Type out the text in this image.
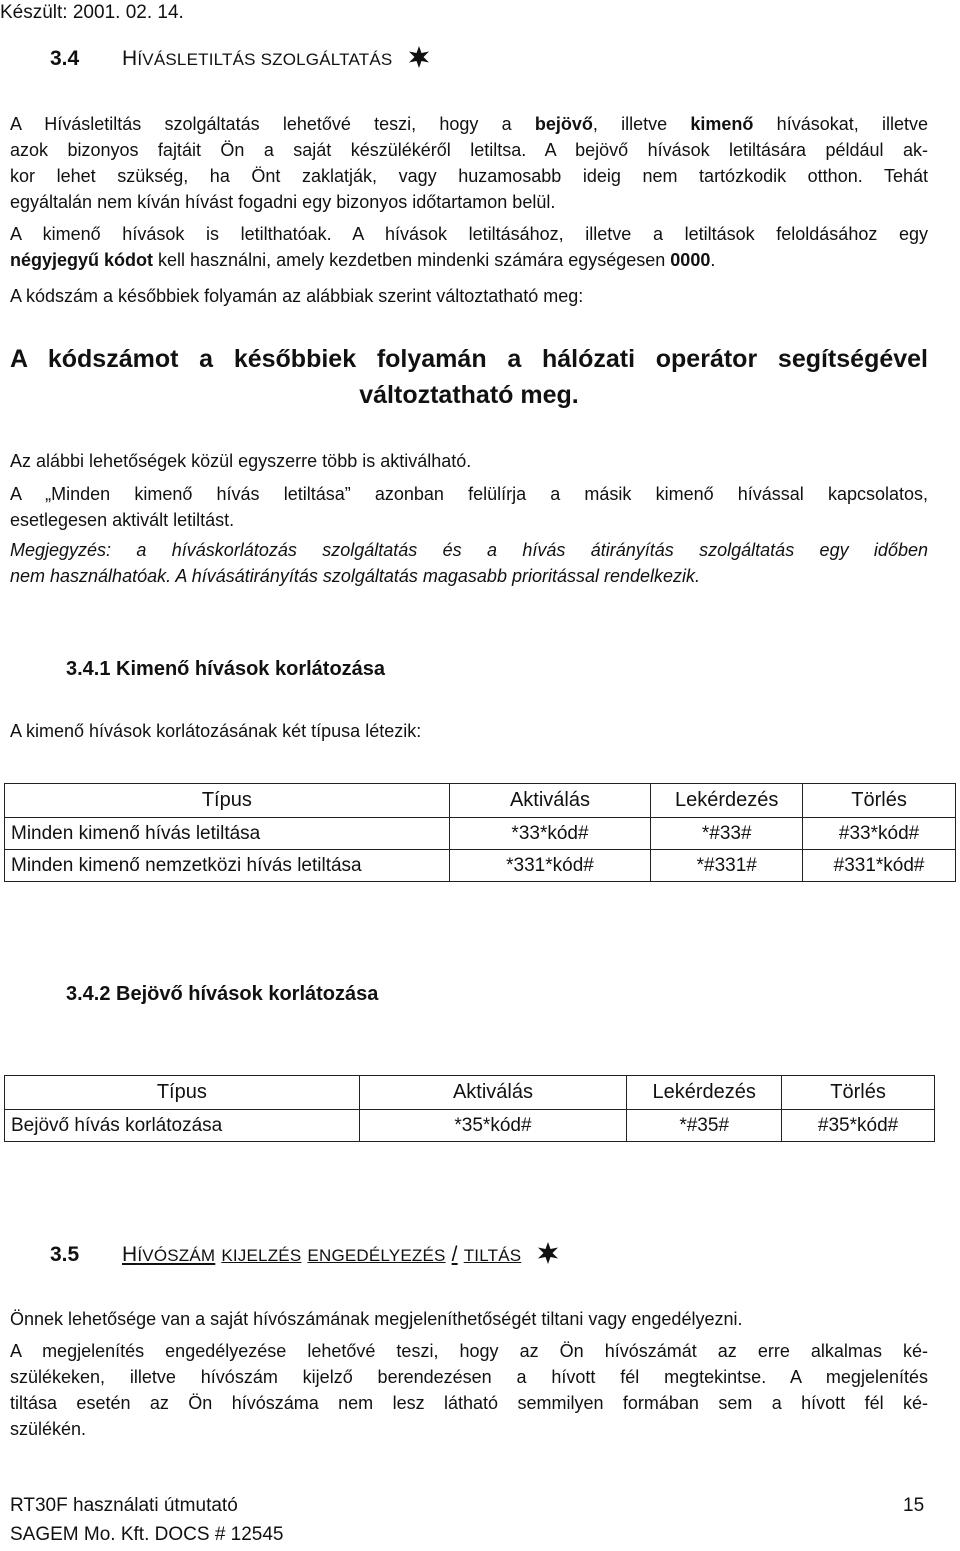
Készült: 2001. 02. 14.
3.4 HÍVÁSLETILTÁS SZOLGÁLTATÁS
A Hívásletiltás szolgáltatás lehetővé teszi, hogy a bejövő, illetve kimenő hívásokat, illetve
azok bizonyos fajtáit Ön a saját készülékéről letiltsa. A bejövő hívások letiltására például ak-
kor lehet szükség, ha Önt zaklatják, vagy huzamosabb ideig nem tartózkodik otthon. Tehát
egyáltalán nem kíván hívást fogadni egy bizonyos időtartamon belül.
A kimenő hívások is letilthatóak. A hívások letiltásához, illetve a letiltások feloldásához egy
négyjegyű kódot kell használni, amely kezdetben mindenki számára egységesen 0000.
A kódszám a későbbiek folyamán az alábbiak szerint változtatható meg:
A kódszámot a későbbiek folyamán a hálózati operátor segítségével
változtatható meg.
Az alábbi lehetőségek közül egyszerre több is aktiválható.
A „Minden kimenő hívás letiltása” azonban felülírja a másik kimenő hívással kapcsolatos,
esetlegesen aktivált letiltást.
Megjegyzés: a híváskorlátozás szolgáltatás és a hívás átirányítás szolgáltatás egy időben
nem használhatóak. A hívásátirányítás szolgáltatás magasabb prioritással rendelkezik.
3.4.1 Kimenő hívások korlátozása
A kimenő hívások korlátozásának két típusa létezik:
Típus	Aktiválás	Lekérdezés	Törlés
Minden kimenő hívás letiltása	*33*kód#	*#33#	#33*kód#
Minden kimenő nemzetközi hívás letiltása	*331*kód#	*#331#	#331*kód#
3.4.2 Bejövő hívások korlátozása
Típus	Aktiválás	Lekérdezés	Törlés
Bejövő hívás korlátozása	*35*kód#	*#35#	#35*kód#
3.5 HÍVÓSZÁM KIJELZÉS ENGEDÉLYEZÉS / TILTÁS
Önnek lehetősége van a saját hívószámának megjeleníthetőségét tiltani vagy engedélyezni.
A megjelenítés engedélyezése lehetővé teszi, hogy az Ön hívószámát az erre alkalmas ké-
szülékeken, illetve hívószám kijelző berendezésen a hívott fél megtekintse. A megjelenítés
tiltása esetén az Ön hívószáma nem lesz látható semmilyen formában sem a hívott fél ké-
szülékén.
RT30F használati útmutató	15
SAGEM Mo. Kft. DOCS # 12545
